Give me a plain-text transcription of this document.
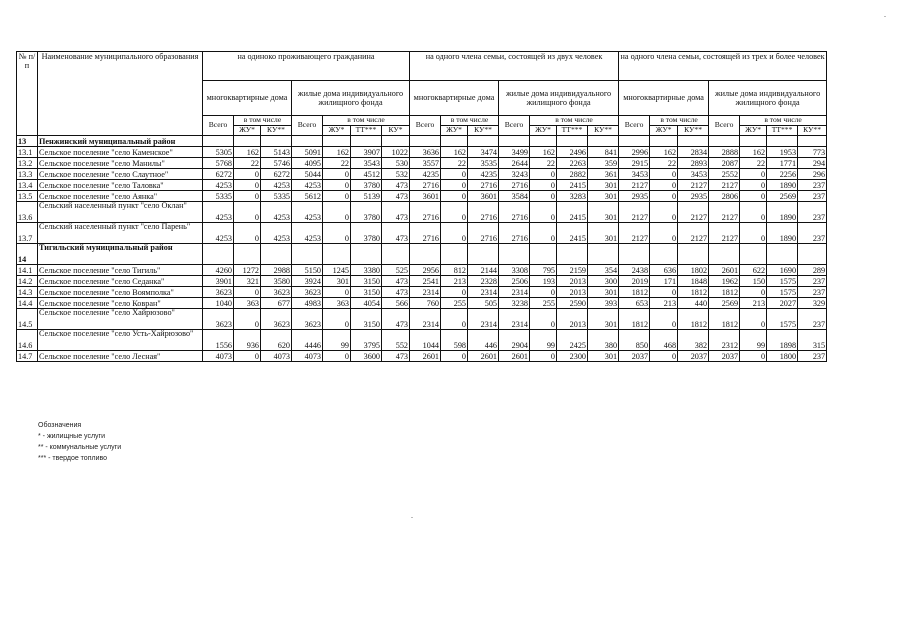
№ п/п	Наименование муниципального образования	на одиноко проживающего гражданина							на одного члена семьи, состоящей из двух человек							на одного члена семьи, состоящей из трех и более человек						
		многоквартирные дома			жилые дома индивидуального жилищного фонда				многоквартирные дома			жилые дома индивидуального жилищного фонда				многоквартирные дома			жилые дома индивидуального жилищного фонда			
		Всего	в том числе		Всего	в том числе			Всего	в том числе		Всего	в том числе			Всего	в том числе		Всего	в том числе		
			ЖУ*	КУ**		ЖУ*	ТТ***	КУ*		ЖУ*	КУ**		ЖУ*	ТТ***	КУ**		ЖУ*	КУ**		ЖУ*	ТТ***	КУ**
13	Пенжинский муниципальный район																					
13.1	Сельское поселение "село Каменское"	5305	162	5143	5091	162	3907	1022	3636	162	3474	3499	162	2496	841	2996	162	2834	2888	162	1953	773
13.2	Сельское поселение "село Манилы"	5768	22	5746	4095	22	3543	530	3557	22	3535	2644	22	2263	359	2915	22	2893	2087	22	1771	294
13.3	Сельское поселение "село Слаутное"	6272	0	6272	5044	0	4512	532	4235	0	4235	3243	0	2882	361	3453	0	3453	2552	0	2256	296
13.4	Сельское поселение "село Таловка"	4253	0	4253	4253	0	3780	473	2716	0	2716	2716	0	2415	301	2127	0	2127	2127	0	1890	237
13.5	Сельское поселение "село Аянка"	5335	0	5335	5612	0	5139	473	3601	0	3601	3584	0	3283	301	2935	0	2935	2806	0	2569	237
13.6	Сельский населенный пункт "село Оклан"	4253	0	4253	4253	0	3780	473	2716	0	2716	2716	0	2415	301	2127	0	2127	2127	0	1890	237
13.7	Сельский населенный пункт "село Парень"	4253	0	4253	4253	0	3780	473	2716	0	2716	2716	0	2415	301	2127	0	2127	2127	0	1890	237
14	Тигильский муниципальный район																					
14.1	Сельское поселение "село Тигиль"	4260	1272	2988	5150	1245	3380	525	2956	812	2144	3308	795	2159	354	2438	636	1802	2601	622	1690	289
14.2	Сельское поселение "село Седанка"	3901	321	3580	3924	301	3150	473	2541	213	2328	2506	193	2013	300	2019	171	1848	1962	150	1575	237
14.3	Сельское поселение "село Воямполка"	3623	0	3623	3623	0	3150	473	2314	0	2314	2314	0	2013	301	1812	0	1812	1812	0	1575	237
14.4	Сельское поселение "село Ковран"	1040	363	677	4983	363	4054	566	760	255	505	3238	255	2590	393	653	213	440	2569	213	2027	329
14.5	Сельское поселение "село Хайрюзово"	3623	0	3623	3623	0	3150	473	2314	0	2314	2314	0	2013	301	1812	0	1812	1812	0	1575	237
14.6	Сельское поселение "село Усть-Хайрюзово"	1556	936	620	4446	99	3795	552	1044	598	446	2904	99	2425	380	850	468	382	2312	99	1898	315
14.7	Сельское поселение "село Лесная"	4073	0	4073	4073	0	3600	473	2601	0	2601	2601	0	2300	301	2037	0	2037	2037	0	1800	237
Обозначения
* - жилищные услуги
** - коммунальные услуги
*** - твердое топливо
